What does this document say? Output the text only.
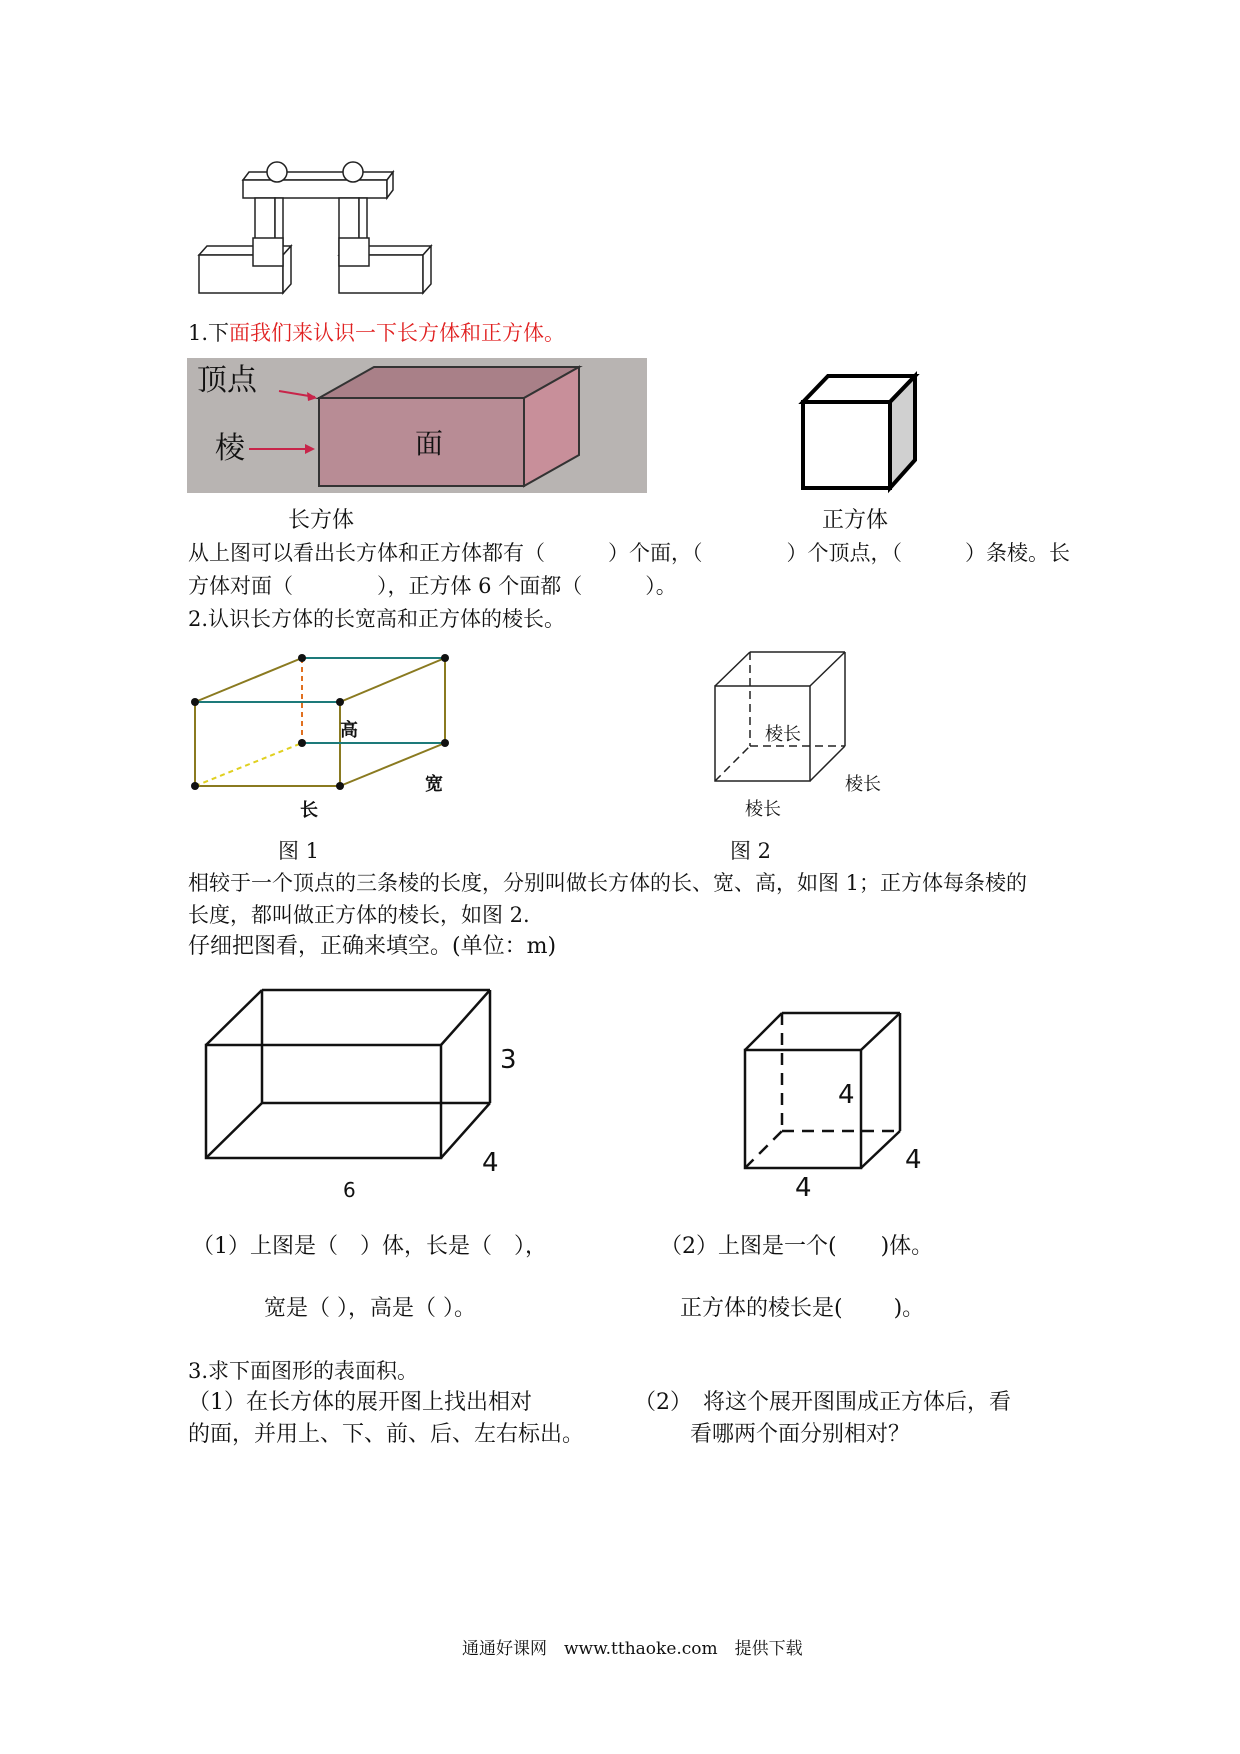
1.下面我们来认识一下长方体和正方体。
顶点
棱	面
长方体	正方体
从上图可以看出长方体和正方体都有（　　　）个面，（　　　　）个顶点，（　　　）条棱。长
方体对面（　　　　），正方体 6 个面都（　　　）。
2.认识长方体的长宽高和正方体的棱长。
高
宽
长
棱长
棱长
棱长
图 1	图 2
相较于一个顶点的三条棱的长度，分别叫做长方体的长、宽、高，如图 1；正方体每条棱的
长度，都叫做正方体的棱长，如图 2.
仔细把图看，正确来填空。(单位：m)
3
4
6
4
4
4
（1）上图是（　）体，长是（　），
宽是（ ），高是（ ）。
（2）上图是一个(　　)体。
正方体的棱长是(　　 )。
3.求下面图形的表面积。
（1）在长方体的展开图上找出相对
的面，并用上、下、前、后、左右标出。
（2）　将这个展开图围成正方体后，看
看哪两个面分别相对？
通通好课网　www.tthaoke.com　提供下载
